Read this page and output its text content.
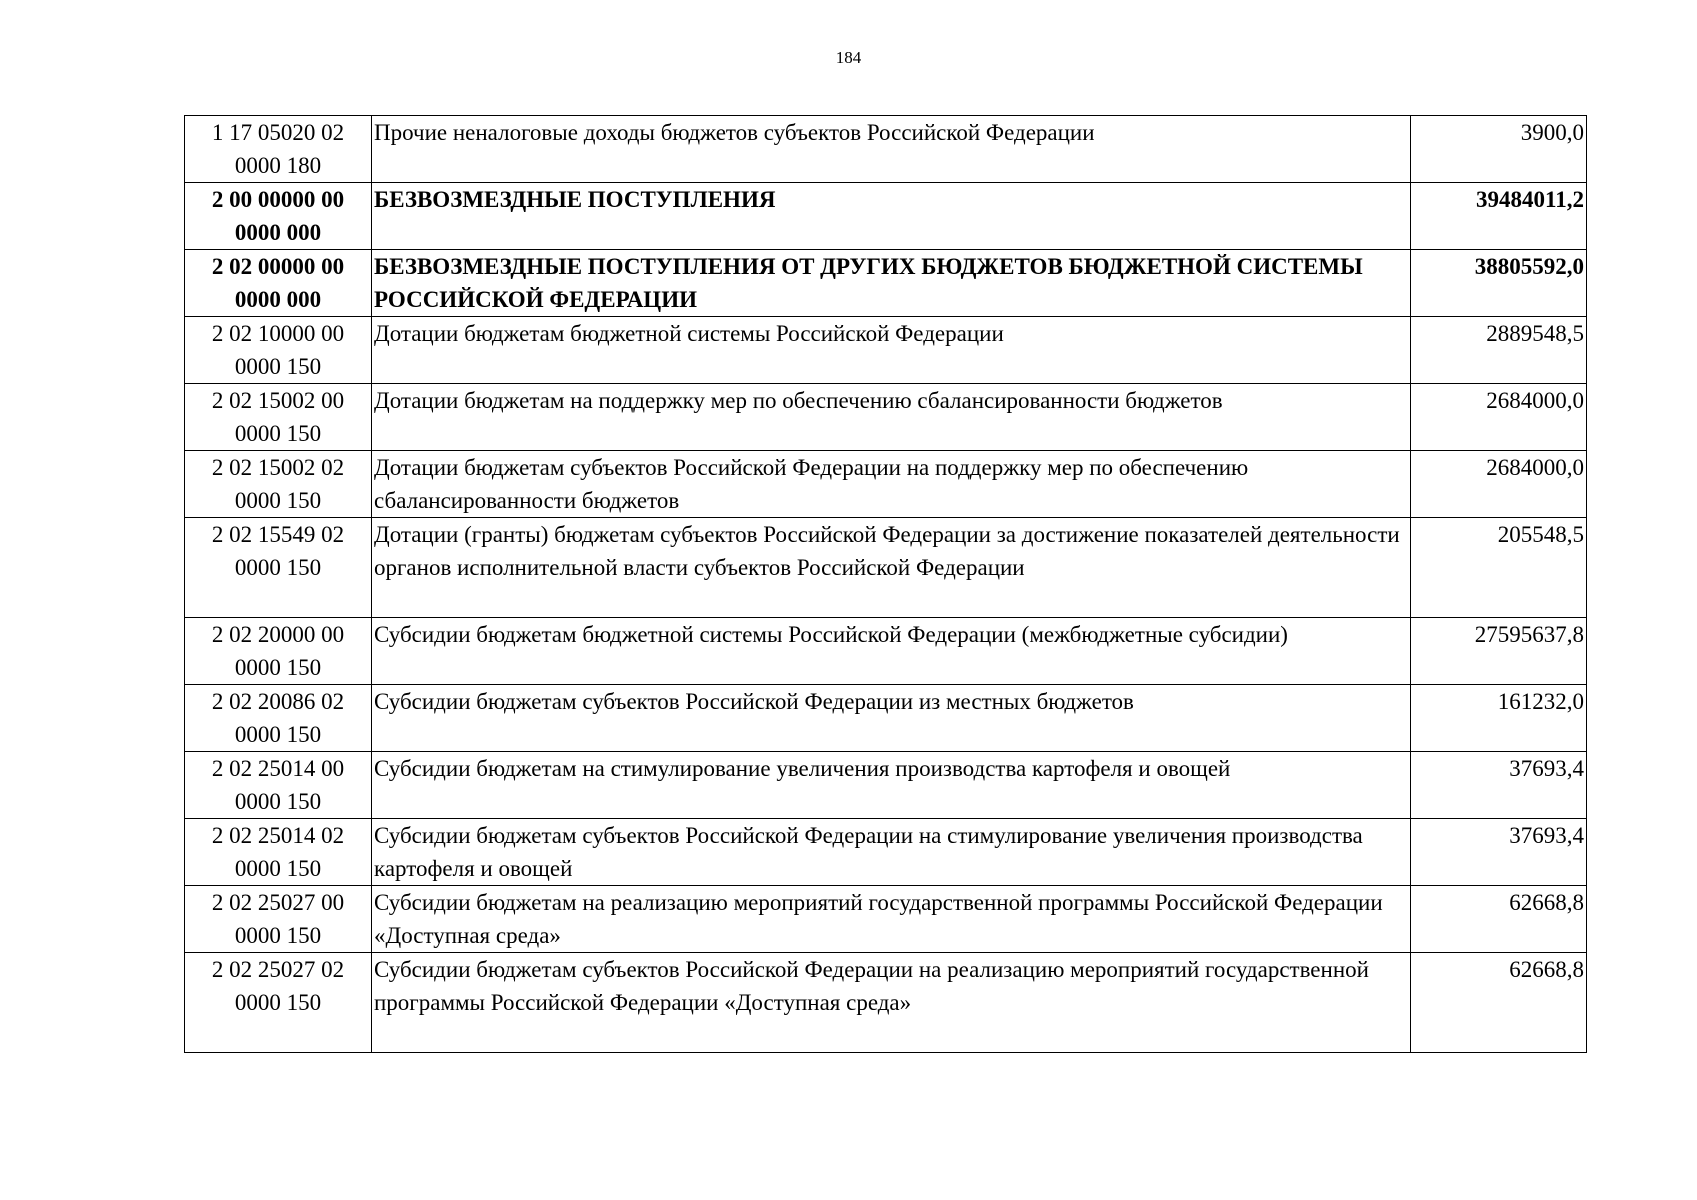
184
1 17 05020 02 0000 180	Прочие неналоговые доходы бюджетов субъектов Российской Федерации	3900,0
2 00 00000 00 0000 000	БЕЗВОЗМЕЗДНЫЕ ПОСТУПЛЕНИЯ	39484011,2
2 02 00000 00 0000 000	БЕЗВОЗМЕЗДНЫЕ ПОСТУПЛЕНИЯ ОТ ДРУГИХ БЮДЖЕТОВ БЮДЖЕТНОЙ СИСТЕМЫ РОССИЙСКОЙ ФЕДЕРАЦИИ	38805592,0
2 02 10000 00 0000 150	Дотации бюджетам бюджетной системы Российской Федерации	2889548,5
2 02 15002 00 0000 150	Дотации бюджетам на поддержку мер по обеспечению сбалансированности бюджетов	2684000,0
2 02 15002 02 0000 150	Дотации бюджетам субъектов Российской Федерации на поддержку мер по обеспечению сбалансированности бюджетов	2684000,0
2 02 15549 02 0000 150	Дотации (гранты) бюджетам субъектов Российской Федерации за достижение показателей деятельности органов исполнительной власти субъектов Российской Федерации	205548,5
2 02 20000 00 0000 150	Субсидии бюджетам бюджетной системы Российской Федерации (межбюджетные субсидии)	27595637,8
2 02 20086 02 0000 150	Субсидии бюджетам субъектов Российской Федерации из местных бюджетов	161232,0
2 02 25014 00 0000 150	Субсидии бюджетам на стимулирование увеличения производства картофеля и овощей	37693,4
2 02 25014 02 0000 150	Субсидии бюджетам субъектов Российской Федерации на стимулирование увеличения производства картофеля и овощей	37693,4
2 02 25027 00 0000 150	Субсидии бюджетам на реализацию мероприятий государственной программы Российской Федерации «Доступная среда»	62668,8
2 02 25027 02 0000 150	Субсидии бюджетам субъектов Российской Федерации на реализацию мероприятий государственной программы Российской Федерации «Доступная среда»	62668,8
